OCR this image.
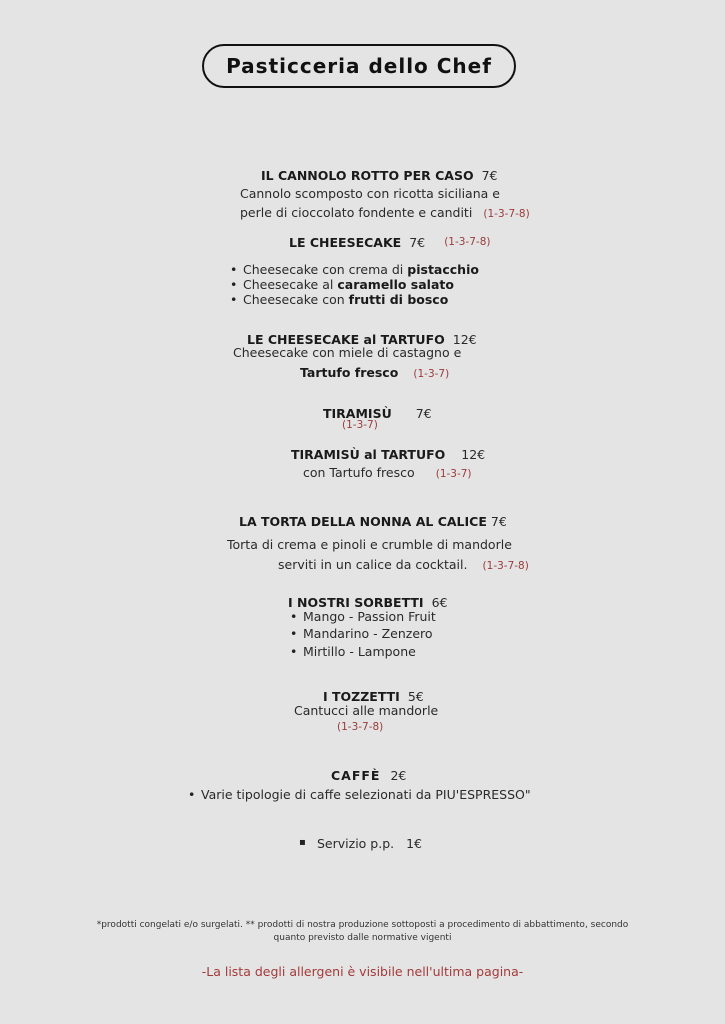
Pasticceria dello Chef
IL CANNOLO ROTTO PER CASO 7€
Cannolo scomposto con ricotta siciliana e
perle di cioccolato fondente e canditi (1-3-7-8)
LE CHEESECAKE 7€ (1-3-7-8)
• Cheesecake con crema di pistacchio
• Cheesecake al caramello salato
• Cheesecake con frutti di bosco
LE CHEESECAKE al TARTUFO 12€
Cheesecake con miele di castagno e
Tartufo fresco (1-3-7)
TIRAMISÙ 7€
(1-3-7)
TIRAMISÙ al TARTUFO 12€
con Tartufo fresco (1-3-7)
LA TORTA DELLA NONNA AL CALICE 7€
Torta di crema e pinoli e crumble di mandorle
serviti in un calice da cocktail. (1-3-7-8)
I NOSTRI SORBETTI 6€
• Mango - Passion Fruit
• Mandarino - Zenzero
• Mirtillo - Lampone
I TOZZETTI 5€
Cantucci alle mandorle
(1-3-7-8)
CAFFÈ 2€
• Varie tipologie di caffe selezionati da PIU'ESPRESSO"
▪ Servizio p.p. 1€
*prodotti congelati e/o surgelati. ** prodotti di nostra produzione sottoposti a procedimento di abbattimento, secondo
quanto previsto dalle normative vigenti
-La lista degli allergeni è visibile nell'ultima pagina-
